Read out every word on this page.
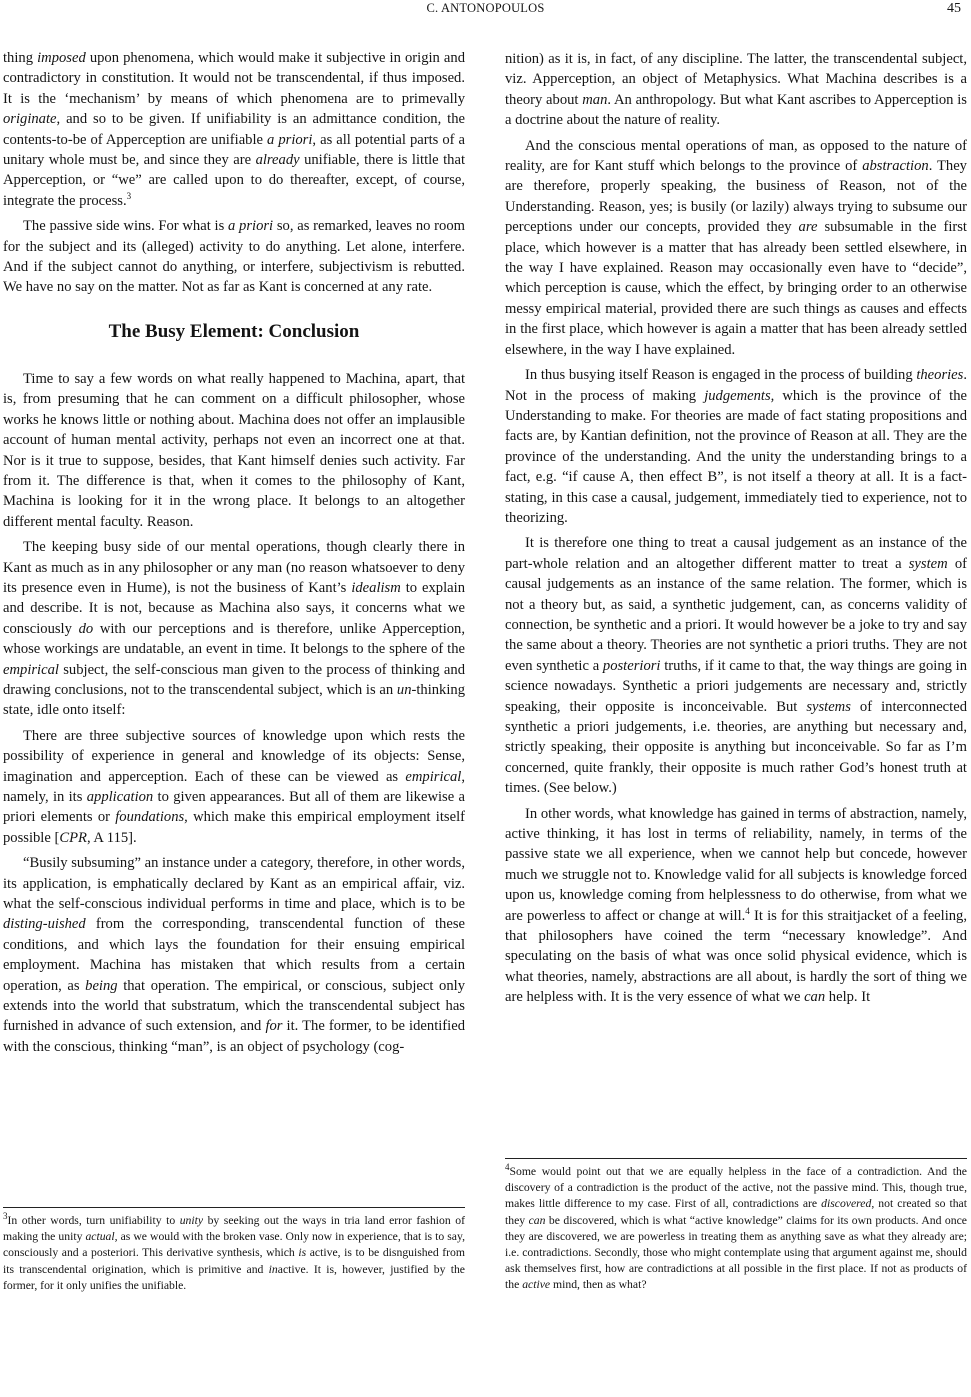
C. ANTONOPOULOS	45

thing imposed upon phenomena, which would make it subjective in origin and contradictory in constitution. It would not be transcendental, if thus imposed. It is the ‘mechanism’ by means of which phenomena are to primevally originate, and so to be given. If unifiability is an admittance condition, the contents-to-be of Apperception are unifiable a priori, as all potential parts of a unitary whole must be, and since they are already unifiable, there is little that Apperception, or “we” are called upon to do thereafter, except, of course, integrate the process.$^3$

The passive side wins. For what is a priori so, as remarked, leaves no room for the subject and its (alleged) activity to do anything. Let alone, interfere. And if the subject cannot do anything, or interfere, subjectivism is rebutted. We have no say on the matter. Not as far as Kant is concerned at any rate.

The Busy Element: Conclusion

Time to say a few words on what really happened to Machina, apart, that is, from presuming that he can comment on a difficult philosopher, whose works he knows little or nothing about. Machina does not offer an implausible account of human mental activity, perhaps not even an incorrect one at that. Nor is it true to suppose, besides, that Kant himself denies such activity. Far from it. The difference is that, when it comes to the philosophy of Kant, Machina is looking for it in the wrong place. It belongs to an altogether different mental faculty. Reason.

The keeping busy side of our mental operations, though clearly there in Kant as much as in any philosopher or any man (no reason whatsoever to deny its presence even in Hume), is not the business of Kant’s idealism to explain and describe. It is not, because as Machina also says, it concerns what we consciously do with our perceptions and is therefore, unlike Apperception, whose workings are undatable, an event in time. It belongs to the sphere of the empirical subject, the self-conscious man given to the process of thinking and drawing conclusions, not to the transcendental subject, which is an un-thinking state, idle onto itself:

There are three subjective sources of knowledge upon which rests the possibility of experience in general and knowledge of its objects: Sense, imagination and apperception. Each of these can be viewed as empirical, namely, in its application to given appearances. But all of them are likewise a priori elements or foundations, which make this empirical employment itself possible [CPR, A 115].

“Busily subsuming” an instance under a category, therefore, in other words, its application, is emphatically declared by Kant as an empirical affair, viz. what the self-conscious individual performs in time and place, which is to be disting-uished from the corresponding, transcendental function of these conditions, and which lays the foundation for their ensuing empirical employment. Machina has mistaken that which results from a certain operation, as being that operation. The empirical, or conscious, subject only extends into the world that substratum, which the transcendental subject has furnished in advance of such extension, and for it. The former, to be identified with the conscious, thinking “man”, is an object of psychology (cog-

nition) as it is, in fact, of any discipline. The latter, the transcendental subject, viz. Apperception, an object of Metaphysics. What Machina describes is a theory about man. An anthropology. But what Kant ascribes to Apperception is a doctrine about the nature of reality.

And the conscious mental operations of man, as opposed to the nature of reality, are for Kant stuff which belongs to the province of abstraction. They are therefore, properly speaking, the business of Reason, not of the Understanding. Reason, yes; is busily (or lazily) always trying to subsume our perceptions under our concepts, provided they are subsumable in the first place, which however is a matter that has already been settled elsewhere, in the way I have explained. Reason may occasionally even have to “decide”, which perception is cause, which the effect, by bringing order to an otherwise messy empirical material, provided there are such things as causes and effects in the first place, which however is again a matter that has been already settled elsewhere, in the way I have explained.

In thus busying itself Reason is engaged in the process of building theories. Not in the process of making judgements, which is the province of the Understanding to make. For theories are made of fact stating propositions and facts are, by Kantian definition, not the province of Reason at all. They are the province of the understanding. And the unity the understanding brings to a fact, e.g. “if cause A, then effect B”, is not itself a theory at all. It is a fact-stating, in this case a causal, judgement, immediately tied to experience, not to theorizing.

It is therefore one thing to treat a causal judgement as an instance of the part-whole relation and an altogether different matter to treat a system of causal judgements as an instance of the same relation. The former, which is not a theory but, as said, a synthetic judgement, can, as concerns validity of connection, be synthetic and a priori. It would however be a joke to try and say the same about a theory. Theories are not synthetic a priori truths. They are not even synthetic a posteriori truths, if it came to that, the way things are going in science nowadays. Synthetic a priori judgements are necessary and, strictly speaking, their opposite is inconceivable. But systems of interconnected synthetic a priori judgements, i.e. theories, are anything but necessary and, strictly speaking, their opposite is anything but inconceivable. So far as I’m concerned, quite frankly, their opposite is much rather God’s honest truth at times. (See below.)

In other words, what knowledge has gained in terms of abstraction, namely, active thinking, it has lost in terms of reliability, namely, in terms of the passive state we all experience, when we cannot help but concede, however much we struggle not to. Knowledge valid for all subjects is knowledge forced upon us, knowledge coming from helplessness to do otherwise, from what we are powerless to affect or change at will.$^4$ It is for this straitjacket of a feeling, that philosophers have coined the term “necessary knowledge”. And speculating on the basis of what was once solid physical evidence, which is what theories, namely, abstractions are all about, is hardly the sort of thing we are helpless with. It is the very essence of what we can help. It

$^3$In other words, turn unifiability to unity by seeking out the ways in tria land error fashion of making the unity actual, as we would with the broken vase. Only now in experience, that is to say, consciously and a posteriori. This derivative synthesis, which is active, is to be disnguished from its transcendental origination, which is primitive and inactive. It is, however, justified by the former, for it only unifies the unifiable.

$^4$Some would point out that we are equally helpless in the face of a contradiction. And the discovery of a contradiction is the product of the active, not the passive mind. This, though true, makes little difference to my case. First of all, contradictions are discovered, not created so that they can be discovered, which is what “active knowledge” claims for its own products. And once they are discovered, we are powerless in treating them as anything save as what they already are; i.e. contradictions. Secondly, those who might contemplate using that argument against me, should ask themselves first, how are contradictions at all possible in the first place. If not as products of the active mind, then as what?
